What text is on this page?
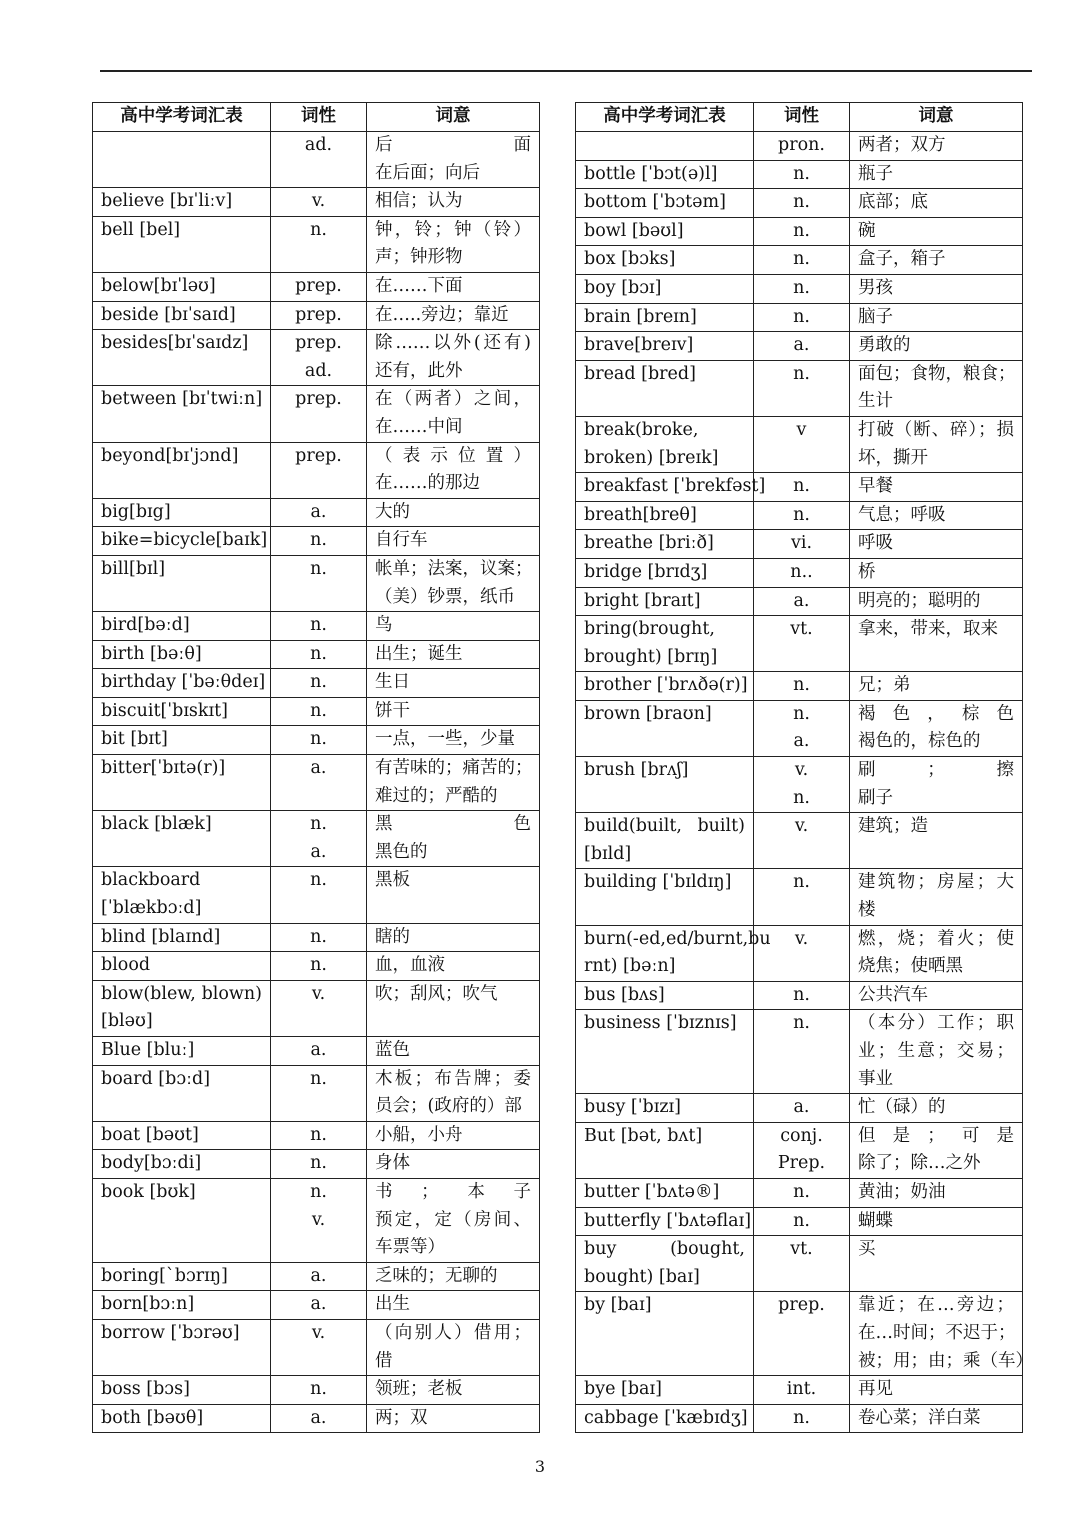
高中学考词汇表	词性	词意

	ad.	后面
在后面；向后

believe [bɪˈliːv]	v.	相信；认为

bell [bel]	n.	钟，铃；钟（铃）
声；钟形物

below[bɪˈləʊ]	prep.	在……下面

beside [bɪˈsaɪd]	prep.	在…..旁边；靠近

besides[bɪˈsaɪdz]	prep.
ad.	除……以外(还有)
还有，此外

between [bɪˈtwiːn]	prep.	在（两者）之间，
在……中间

beyond[bɪˈjɔnd]	prep.	（表示位置）
在……的那边

big[bɪg]	a.	大的

bike=bicycle[baɪk]	n.	自行车

bill[bɪl]	n.	帐单；法案，议案；
（美）钞票，纸币

bird[bəːd]	n.	鸟

birth [bəːθ]	n.	出生；诞生

birthday [ˈbəːθdeɪ]	n.	生日

biscuit[ˈbɪskɪt]	n.	饼干

bit [bɪt]	n.	一点，一些，少量

bitter[ˈbɪtə(r)]	a.	有苦味的；痛苦的；
难过的；严酷的

black [blæk]	n.
a.	黑色
黑色的

blackboard
[ˈblækbɔːd]	n.	黑板

blind [blaɪnd]	n.	瞎的

blood	n.	血，血液

blow(blew, blown)
[bləʊ]	v.	吹；刮风；吹气

Blue [bluː]	a.	蓝色

board [bɔːd]	n.	木板；布告牌；委
员会；(政府的）部

boat [bəʊt]	n.	小船，小舟

body[bɔːdi]	n.	身体

book [bʊk]	n.
v.	书；本子
预定，定（房间、
车票等）

boring[ˋbɔrɪŋ]	a.	乏味的；无聊的

born[bɔːn]	a.	出生

borrow [ˈbɔrəʊ]	v.	（向别人）借用；
借

boss [bɔs]	n.	领班；老板

both [bəʊθ]	a.	两；双
高中学考词汇表	词性	词意

	pron.	两者；双方

bottle [ˈbɔt(ə)l]	n.	瓶子

bottom [ˈbɔtəm]	n.	底部；底

bowl [bəʊl]	n.	碗

box [bɔks]	n.	盒子，箱子

boy [bɔɪ]	n.	男孩

brain [breɪn]	n.	脑子

brave[breɪv]	a.	勇敢的

bread [bred]	n.	面包；食物，粮食；
生计

break(broke,
broken) [breɪk]	v	打破（断、碎）；损
坏，撕开

breakfast [ˈbrekfəst]	n.	早餐

breath[breθ]	n.	气息；呼吸

breathe [briːð]	vi.	呼吸

bridge [brɪdʒ]	n..	桥

bright [braɪt]	a.	明亮的；聪明的

bring(brought,
brought) [brɪŋ]	vt.	拿来，带来，取来

brother [ˈbrʌðə(r)]	n.	兄；弟

brown [braʊn]	n.
a.	褐色，棕色
褐色的，棕色的

brush [brʌʃ]	v.
n.	刷；擦
刷子

build(built, built)
[bɪld]	v.	建筑；造

building [ˈbɪldɪŋ]	n.	建筑物；房屋；大
楼

burn(-ed,ed/burnt,bu
rnt) [bəːn]	v.	燃，烧；着火；使
烧焦；使晒黑

bus [bʌs]	n.	公共汽车

business [ˈbɪznɪs]	n.	（本分）工作；职
业；生意；交易；
事业

busy [ˈbɪzɪ]	a.	忙（碌）的

But [bət, bʌt]	conj.
Prep.	但是；可是
除了；除…之外

butter [ˈbʌtə®]	n.	黄油；奶油

butterfly [ˈbʌtəflaɪ]	n.	蝴蝶

buy (bought,
bought) [baɪ]	vt.	买

by [baɪ]	prep.	靠近；在…旁边；
在…时间；不迟于；
被；用；由；乘（车）

bye [baɪ]	int.	再见

cabbage [ˈkæbɪdʒ]	n.	卷心菜；洋白菜
3
